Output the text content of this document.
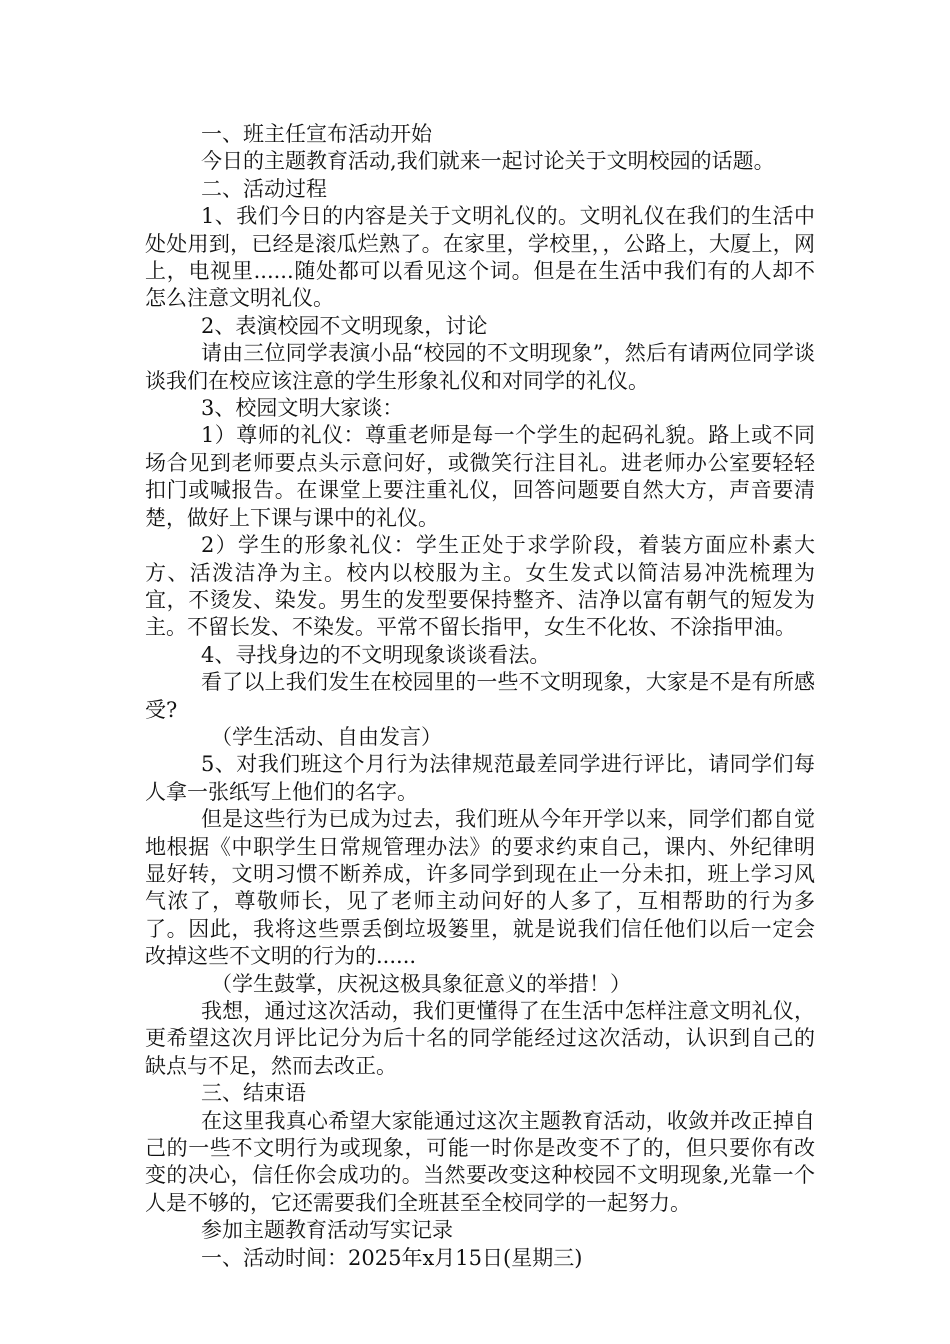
一、班主任宣布活动开始

今日的主题教育活动,我们就来一起讨论关于文明校园的话题。

二、活动过程

1、我们今日的内容是关于文明礼仪的。文明礼仪在我们的生活中处处用到，已经是滚瓜烂熟了。在家里，学校里，，公路上，大厦上，网上，电视里......随处都可以看见这个词。但是在生活中我们有的人却不怎么注意文明礼仪。

2、表演校园不文明现象，讨论

请由三位同学表演小品“校园的不文明现象”，然后有请两位同学谈谈我们在校应该注意的学生形象礼仪和对同学的礼仪。

3、校园文明大家谈：

1）尊师的礼仪：尊重老师是每一个学生的起码礼貌。路上或不同场合见到老师要点头示意问好，或微笑行注目礼。进老师办公室要轻轻扣门或喊报告。在课堂上要注重礼仪，回答问题要自然大方，声音要清楚，做好上下课与课中的礼仪。

2）学生的形象礼仪：学生正处于求学阶段，着装方面应朴素大方、活泼洁净为主。校内以校服为主。女生发式以简洁易冲洗梳理为宜，不烫发、染发。男生的发型要保持整齐、洁净以富有朝气的短发为主。不留长发、不染发。平常不留长指甲，女生不化妆、不涂指甲油。

4、寻找身边的不文明现象谈谈看法。

看了以上我们发生在校园里的一些不文明现象，大家是不是有所感受?

（学生活动、自由发言）

5、对我们班这个月行为法律规范最差同学进行评比，请同学们每人拿一张纸写上他们的名字。

但是这些行为已成为过去，我们班从今年开学以来，同学们都自觉地根据《中职学生日常规管理办法》的要求约束自己，课内、外纪律明显好转，文明习惯不断养成，许多同学到现在止一分未扣，班上学习风气浓了，尊敬师长，见了老师主动问好的人多了，互相帮助的行为多了。因此，我将这些票丢倒垃圾篓里，就是说我们信任他们以后一定会改掉这些不文明的行为的......

（学生鼓掌，庆祝这极具象征意义的举措！）

我想，通过这次活动，我们更懂得了在生活中怎样注意文明礼仪，更希望这次月评比记分为后十名的同学能经过这次活动，认识到自己的缺点与不足，然而去改正。

三、结束语

在这里我真心希望大家能通过这次主题教育活动，收敛并改正掉自己的一些不文明行为或现象，可能一时你是改变不了的，但只要你有改变的决心，信任你会成功的。当然要改变这种校园不文明现象,光靠一个人是不够的，它还需要我们全班甚至全校同学的一起努力。

参加主题教育活动写实记录

一、活动时间：2025年x月15日(星期三)
